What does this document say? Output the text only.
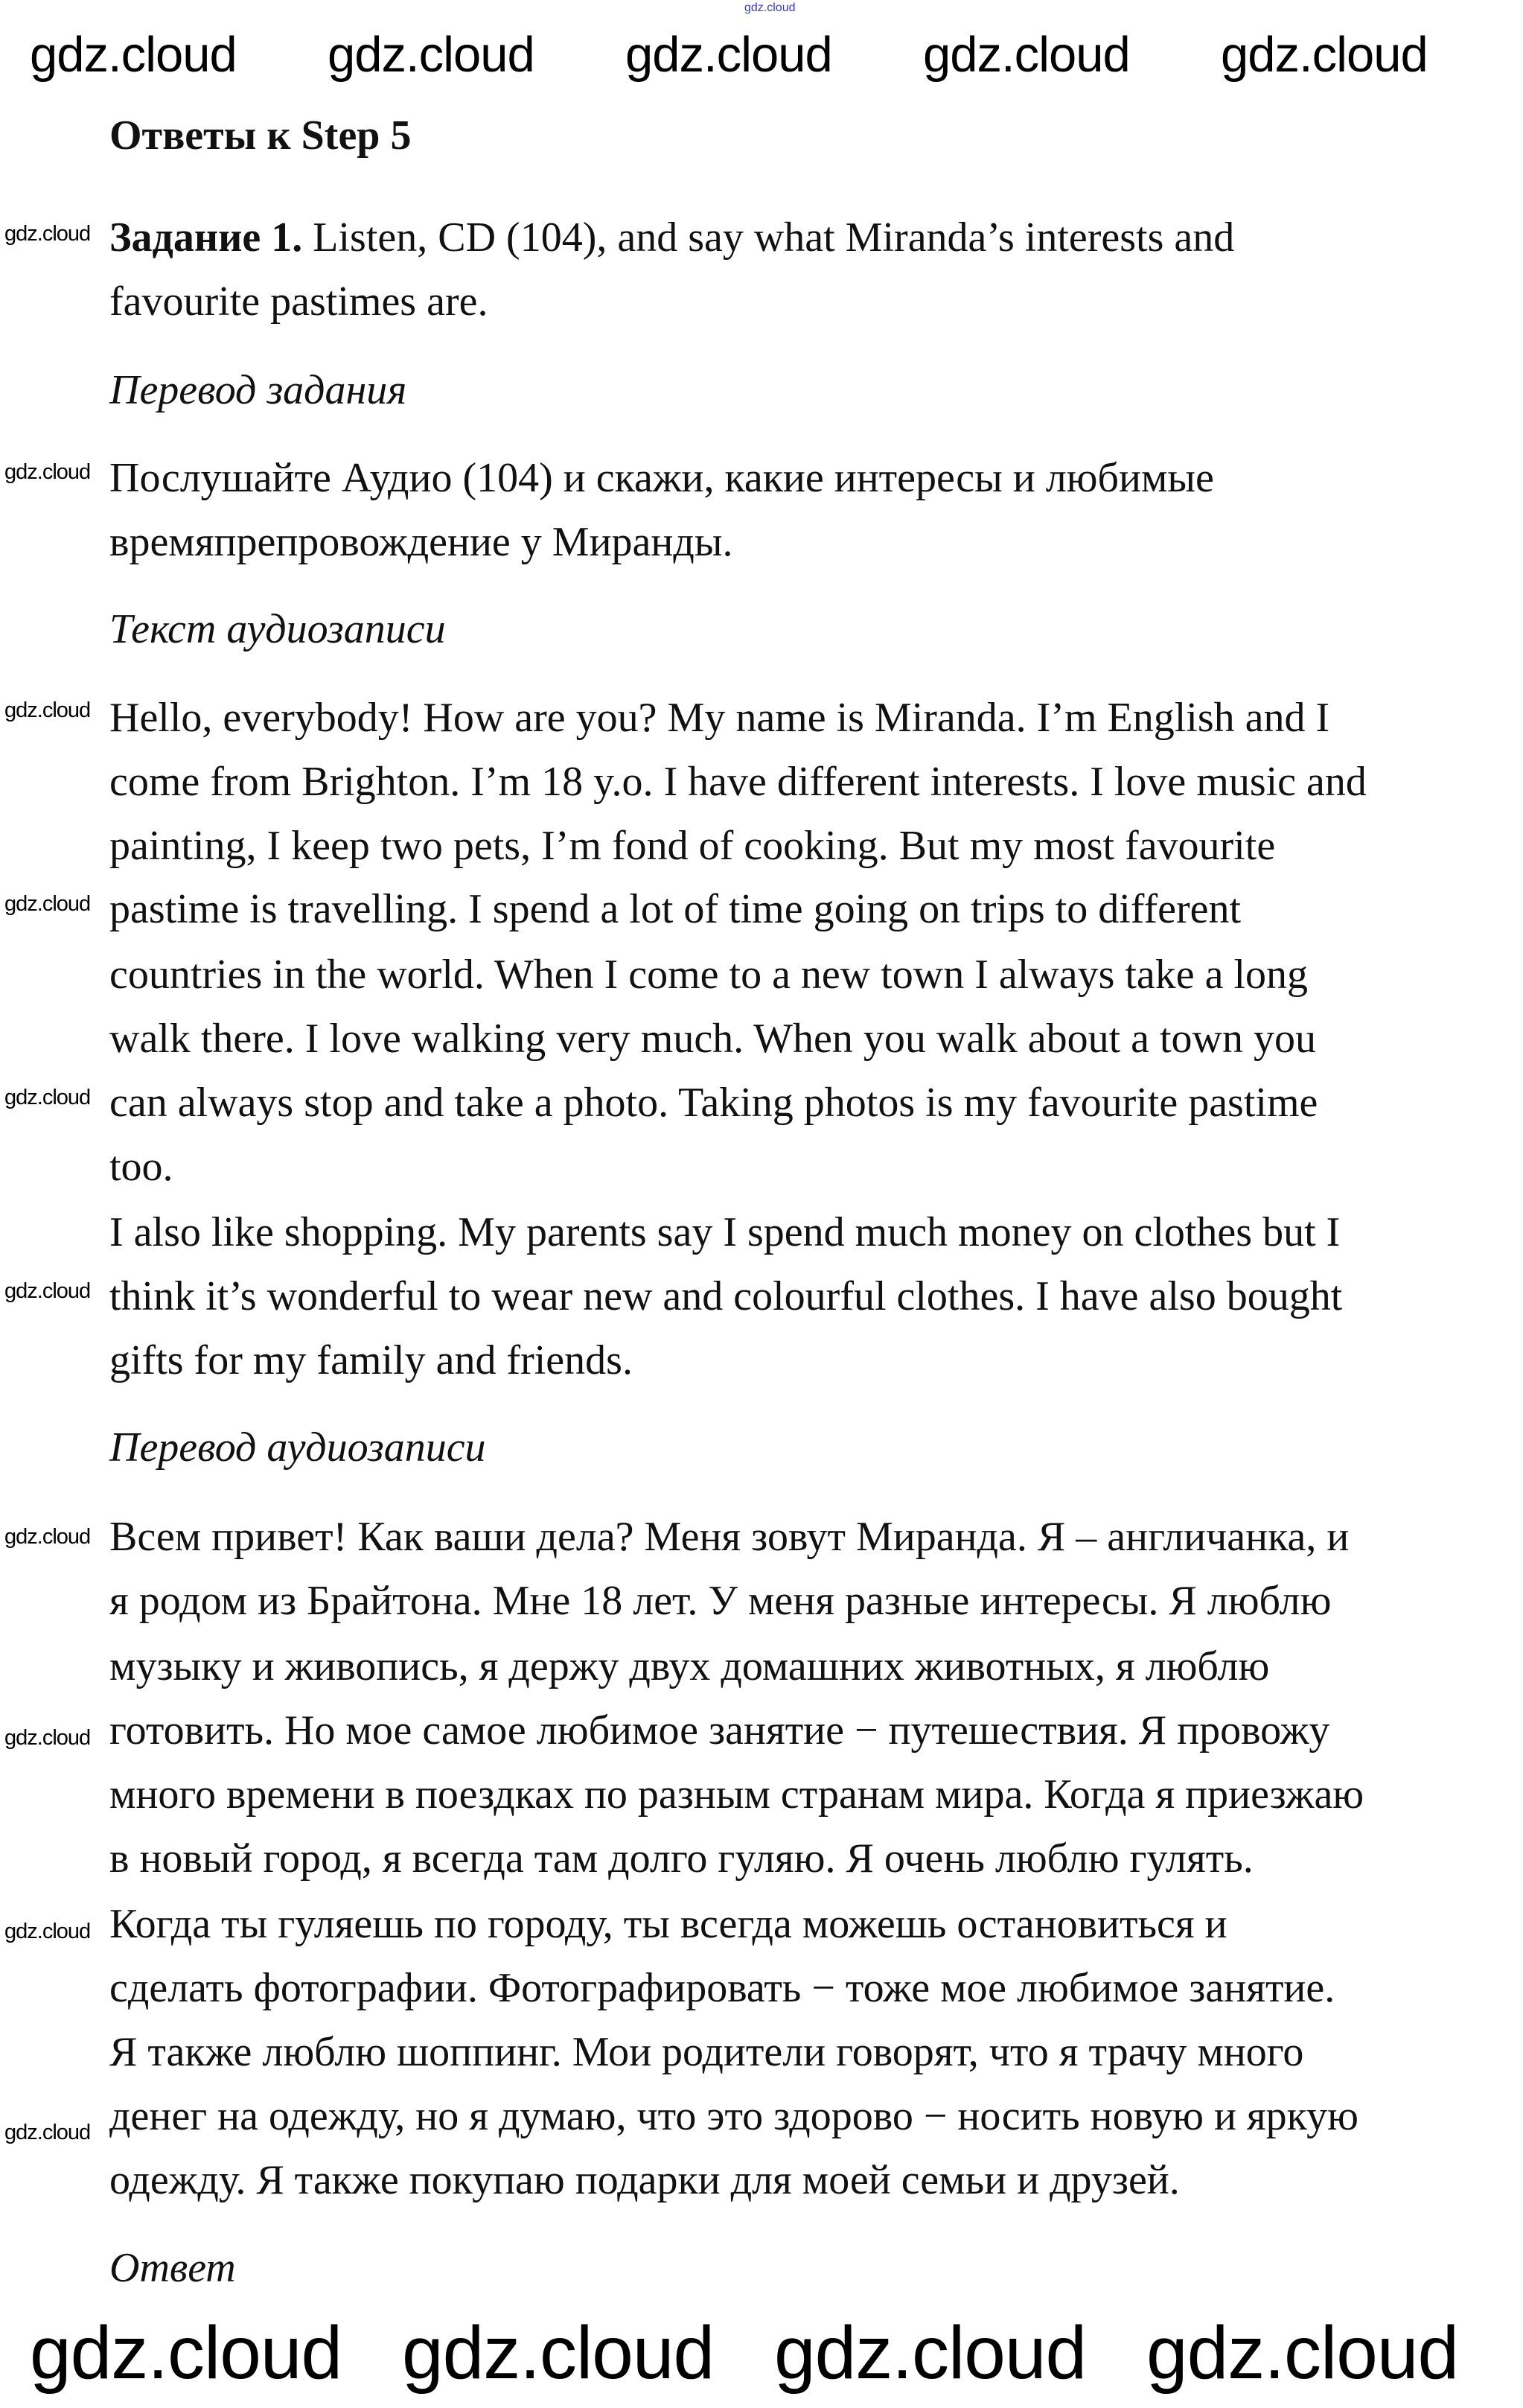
gdz.cloud
Ответы к Step 5
Задание 1. Listen, CD (104), and say what Miranda’s interests and
favourite pastimes are.
Перевод задания
Послушайте Аудио (104) и скажи, какие интересы и любимые
времяпрепровождение у Миранды.
Текст аудиозаписи
Hello, everybody! How are you? My name is Miranda. I’m English and I
come from Brighton. I’m 18 y.o. I have different interests. I love music and
painting, I keep two pets, I’m fond of cooking. But my most favourite
pastime is travelling. I spend a lot of time going on trips to different
countries in the world. When I come to a new town I always take a long
walk there. I love walking very much. When you walk about a town you
can always stop and take a photo. Taking photos is my favourite pastime
too.
I also like shopping. My parents say I spend much money on clothes but I
think it’s wonderful to wear new and colourful clothes. I have also bought
gifts for my family and friends.
Перевод аудиозаписи
Всем привет! Как ваши дела? Меня зовут Миранда. Я – англичанка, и
я родом из Брайтона. Мне 18 лет. У меня разные интересы. Я люблю
музыку и живопись, я держу двух домашних животных, я люблю
готовить. Но мое самое любимое занятие − путешествия. Я провожу
много времени в поездках по разным странам мира. Когда я приезжаю
в новый город, я всегда там долго гуляю. Я очень люблю гулять.
Когда ты гуляешь по городу, ты всегда можешь остановиться и
сделать фотографии. Фотографировать − тоже мое любимое занятие.
Я также люблю шоппинг. Мои родители говорят, что я трачу много
денег на одежду, но я думаю, что это здорово − носить новую и яркую
одежду. Я также покупаю подарки для моей семьи и друзей.
Ответ
gdz.cloud gdz.cloud gdz.cloud gdz.cloud gdz.cloud
gdz.cloud gdz.cloud gdz.cloud gdz.cloud
gdz.cloud
gdz.cloud
gdz.cloud
gdz.cloud
gdz.cloud
gdz.cloud
gdz.cloud
gdz.cloud
gdz.cloud
gdz.cloud
